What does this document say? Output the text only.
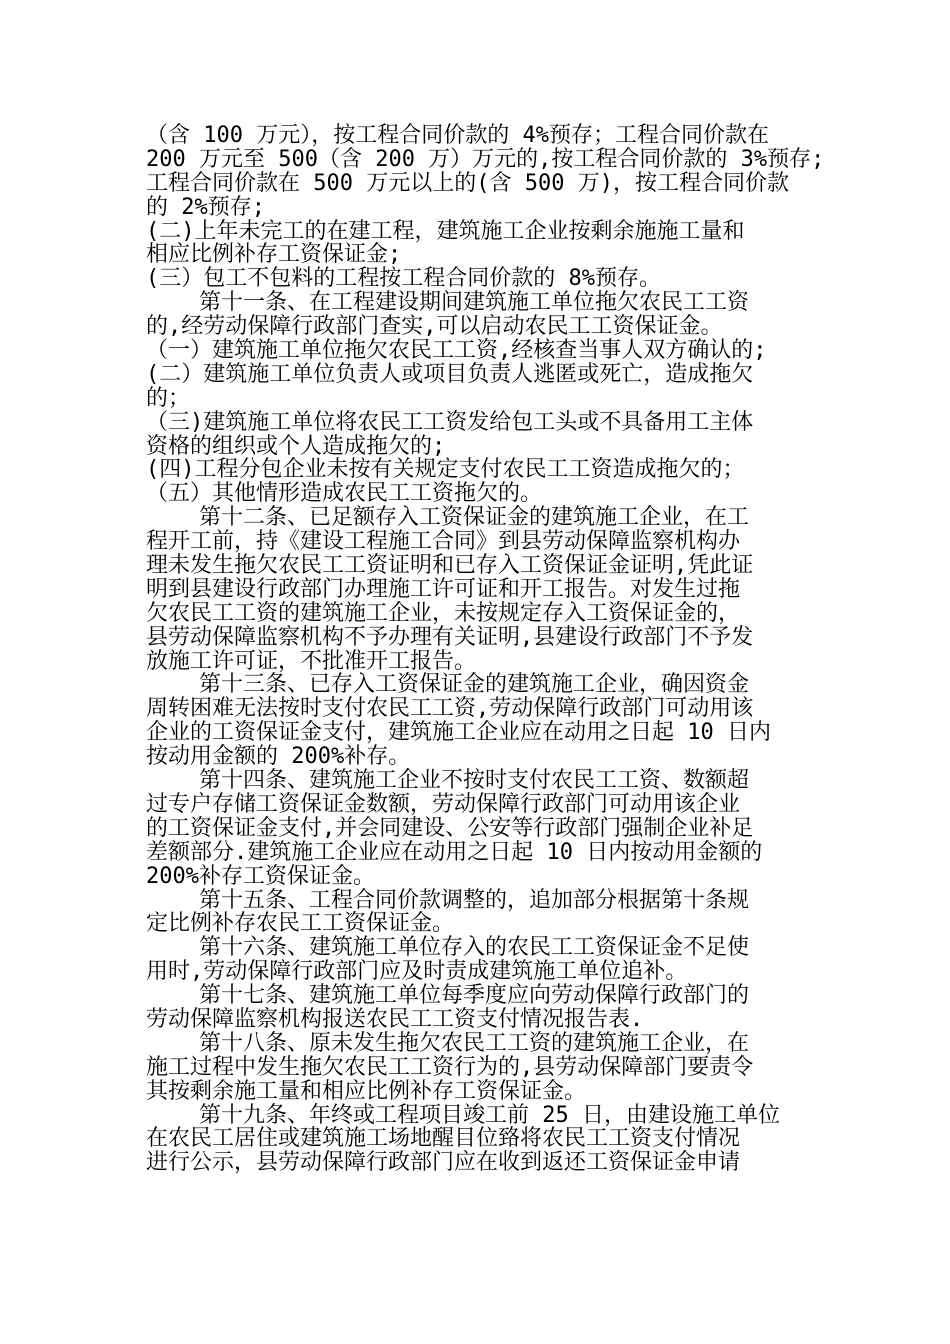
（含 100 万元），按工程合同价款的 4%预存；工程合同价款在
200 万元至 500（含 200 万）万元的,按工程合同价款的 3%预存;
工程合同价款在 500 万元以上的(含 500 万)，按工程合同价款
的 2%预存;
(二)上年未完工的在建工程，建筑施工企业按剩余施施工量和
相应比例补存工资保证金;
(三）包工不包料的工程按工程合同价款的 8%预存。
第十一条、在工程建设期间建筑施工单位拖欠农民工工资
的,经劳动保障行政部门查实,可以启动农民工工资保证金。
（一）建筑施工单位拖欠农民工工资,经核查当事人双方确认的;
(二）建筑施工单位负责人或项目负责人逃匿或死亡，造成拖欠
的；
（三)建筑施工单位将农民工工资发给包工头或不具备用工主体
资格的组织或个人造成拖欠的;
(四)工程分包企业未按有关规定支付农民工工资造成拖欠的；
（五）其他情形造成农民工工资拖欠的。
第十二条、已足额存入工资保证金的建筑施工企业，在工
程开工前，持《建设工程施工合同》到县劳动保障监察机构办
理未发生拖欠农民工工资证明和已存入工资保证金证明,凭此证
明到县建设行政部门办理施工许可证和开工报告。对发生过拖
欠农民工工资的建筑施工企业，未按规定存入工资保证金的，
县劳动保障监察机构不予办理有关证明,县建设行政部门不予发
放施工许可证，不批准开工报告。
第十三条、已存入工资保证金的建筑施工企业，确因资金
周转困难无法按时支付农民工工资,劳动保障行政部门可动用该
企业的工资保证金支付，建筑施工企业应在动用之日起 10 日内
按动用金额的 200%补存。
第十四条、建筑施工企业不按时支付农民工工资、数额超
过专户存储工资保证金数额，劳动保障行政部门可动用该企业
的工资保证金支付,并会同建设、公安等行政部门强制企业补足
差额部分.建筑施工企业应在动用之日起 10 日内按动用金额的
200%补存工资保证金。
第十五条、工程合同价款调整的，追加部分根据第十条规
定比例补存农民工工资保证金。
第十六条、建筑施工单位存入的农民工工资保证金不足使
用时,劳动保障行政部门应及时责成建筑施工单位追补。
第十七条、建筑施工单位每季度应向劳动保障行政部门的
劳动保障监察机构报送农民工工资支付情况报告表.
第十八条、原未发生拖欠农民工工资的建筑施工企业，在
施工过程中发生拖欠农民工工资行为的,县劳动保障部门要责令
其按剩余施工量和相应比例补存工资保证金。
第十九条、年终或工程项目竣工前 25 日，由建设施工单位
在农民工居住或建筑施工场地醒目位臵将农民工工资支付情况
进行公示，县劳动保障行政部门应在收到返还工资保证金申请
